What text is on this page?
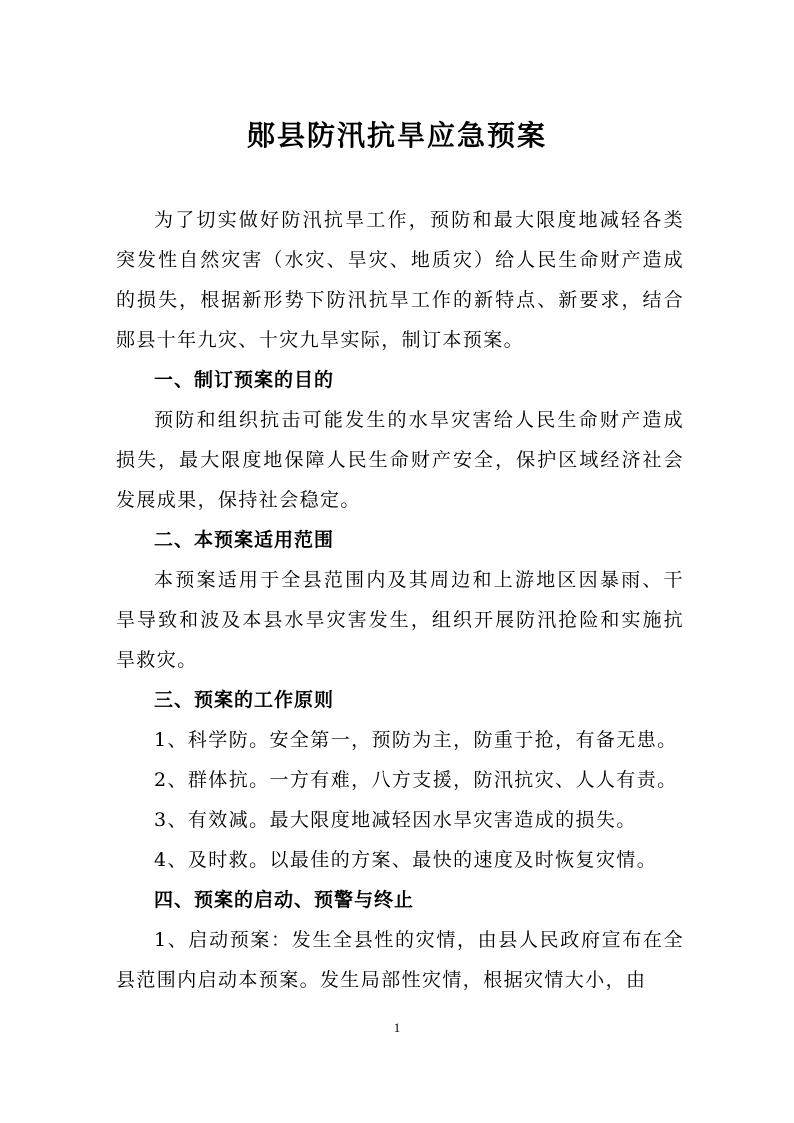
郧县防汛抗旱应急预案

为了切实做好防汛抗旱工作，预防和最大限度地减轻各类突发性自然灾害（水灾、旱灾、地质灾）给人民生命财产造成的损失，根据新形势下防汛抗旱工作的新特点、新要求，结合郧县十年九灾、十灾九旱实际，制订本预案。

一、制订预案的目的

预防和组织抗击可能发生的水旱灾害给人民生命财产造成损失，最大限度地保障人民生命财产安全，保护区域经济社会发展成果，保持社会稳定。

二、本预案适用范围

本预案适用于全县范围内及其周边和上游地区因暴雨、干旱导致和波及本县水旱灾害发生，组织开展防汛抢险和实施抗旱救灾。

三、预案的工作原则

1、科学防。安全第一，预防为主，防重于抢，有备无患。

2、群体抗。一方有难，八方支援，防汛抗灾、人人有责。

3、有效减。最大限度地减轻因水旱灾害造成的损失。

4、及时救。以最佳的方案、最快的速度及时恢复灾情。

四、预案的启动、预警与终止

1、启动预案：发生全县性的灾情，由县人民政府宣布在全县范围内启动本预案。发生局部性灾情，根据灾情大小，由

1
